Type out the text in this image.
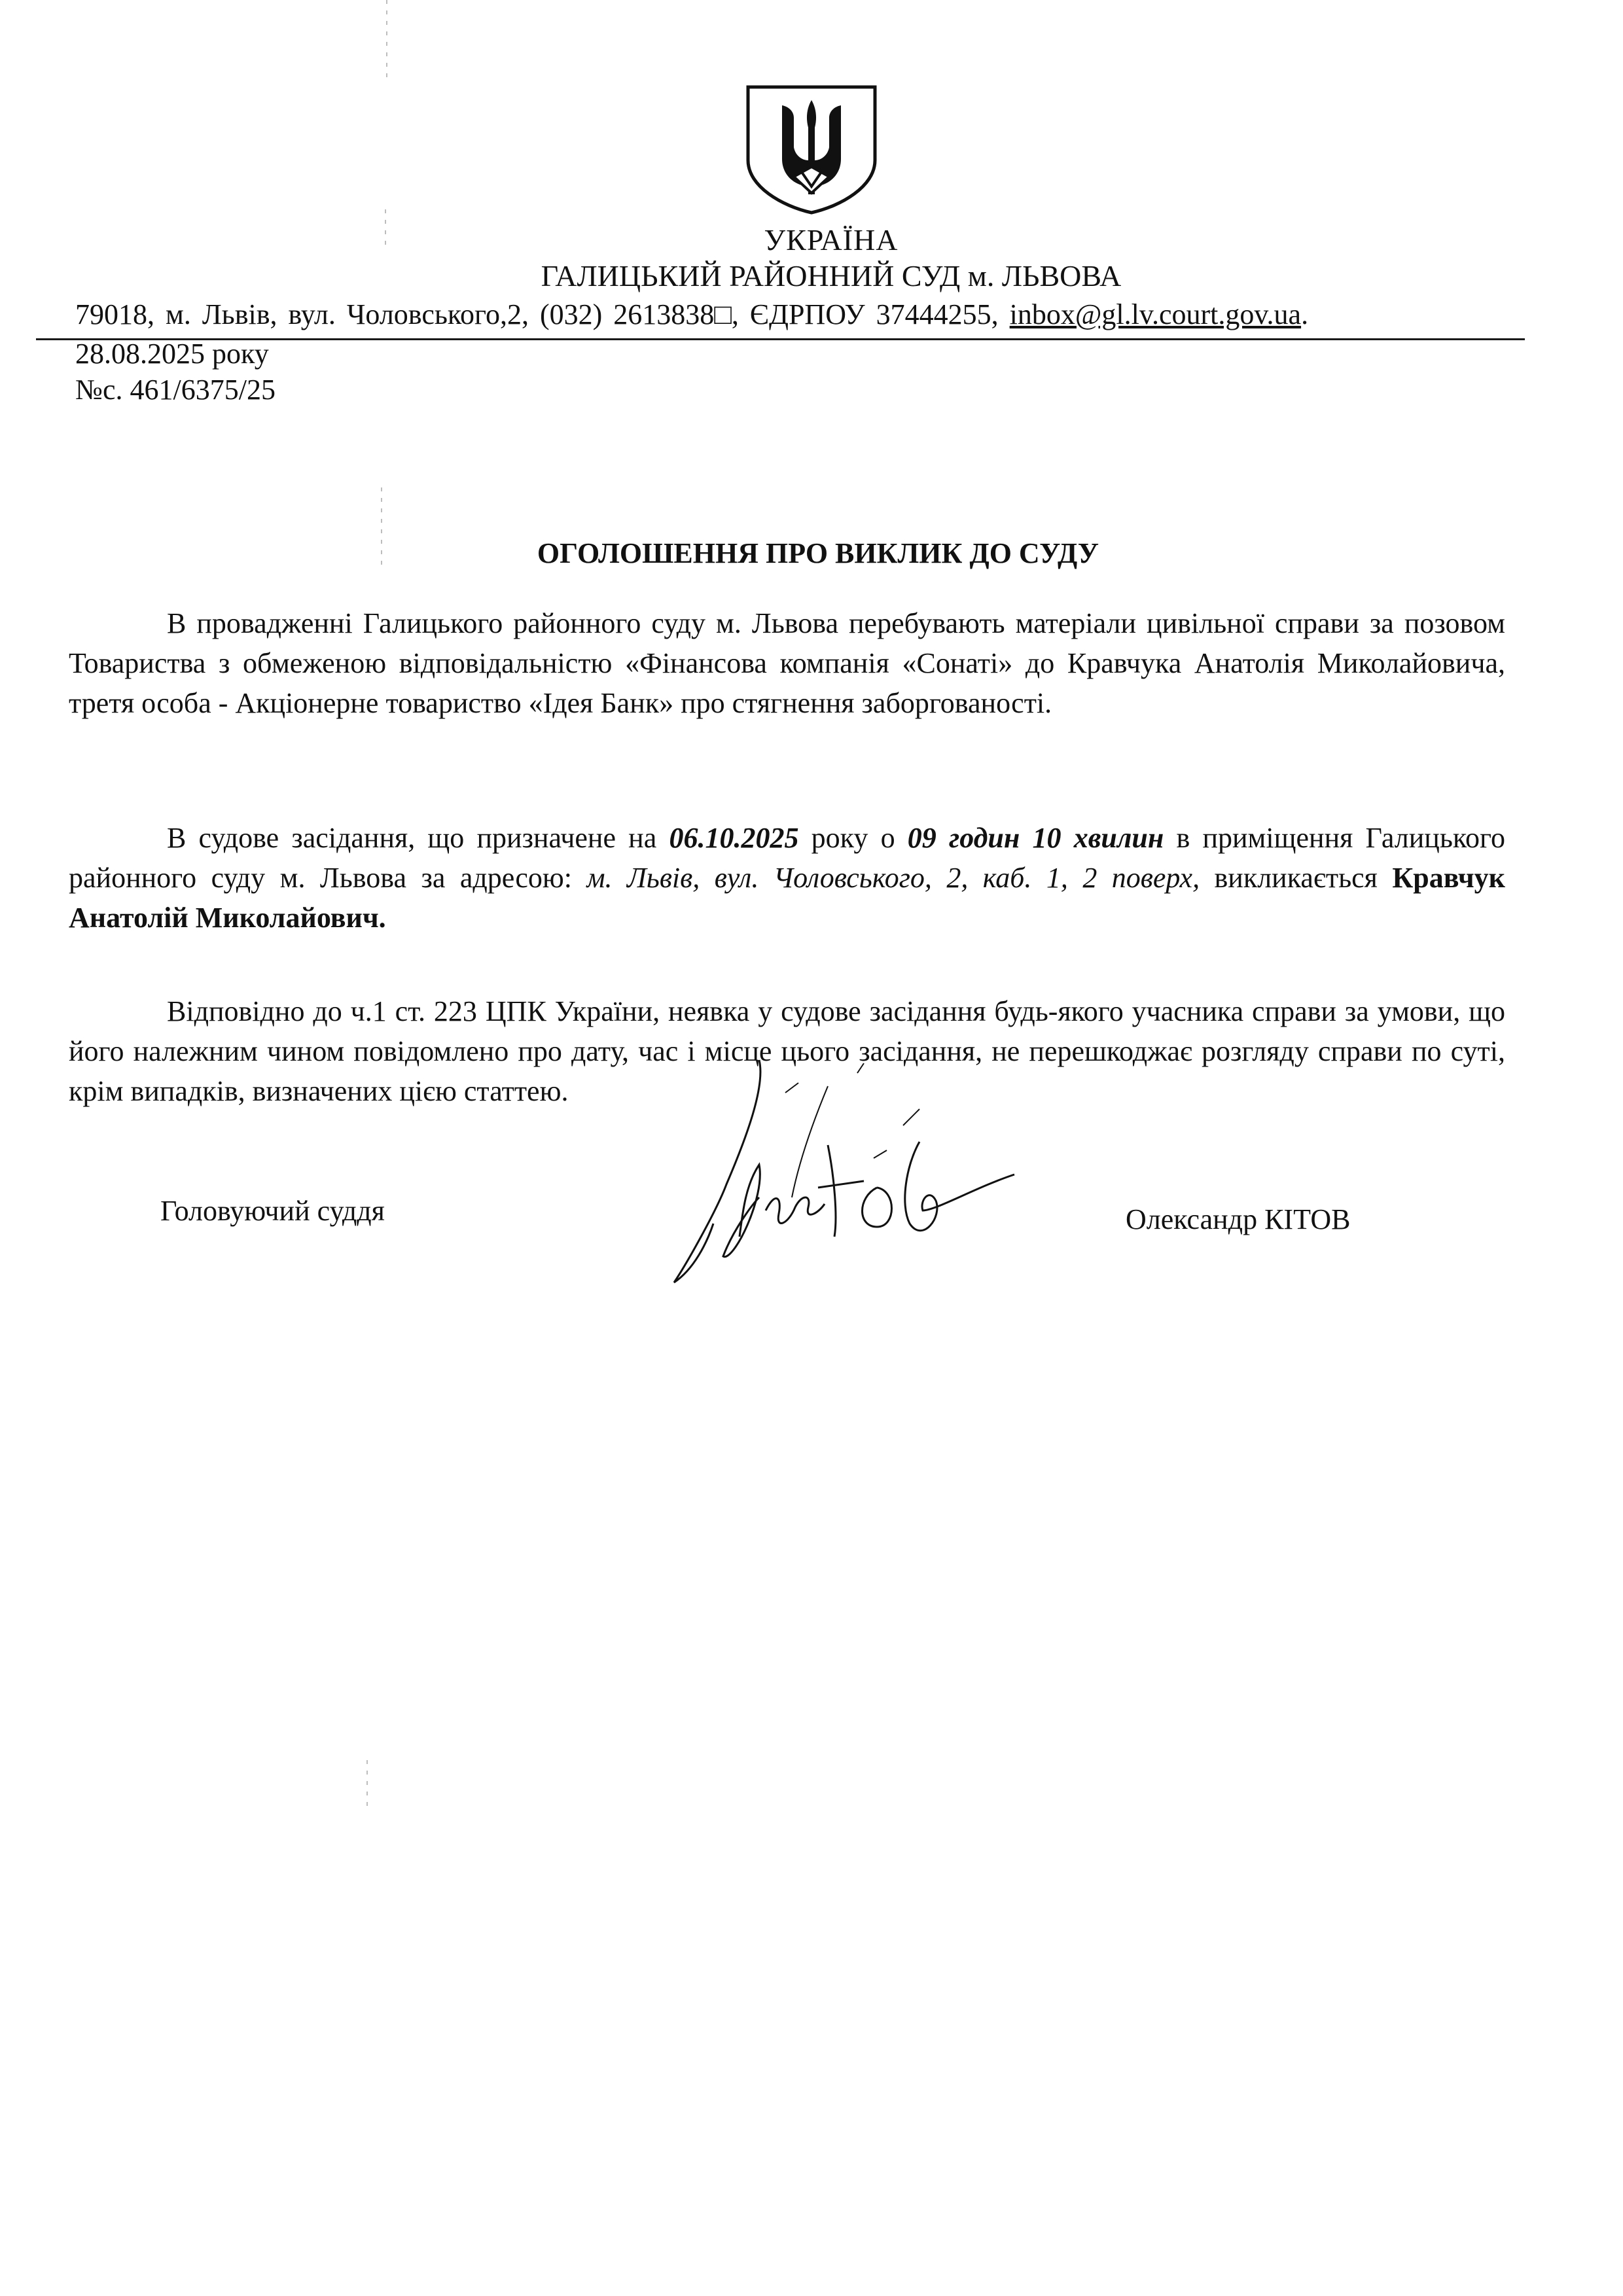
УКРАЇНА
ГАЛИЦЬКИЙ РАЙОННИЙ СУД м. ЛЬВОВА
79018, м. Львів, вул. Чоловського,2, (032) 2613838□, ЄДРПОУ 37444255, inbox@gl.lv.court.gov.ua.
28.08.2025 року
№с. 461/6375/25
ОГОЛОШЕННЯ ПРО ВИКЛИК ДО СУДУ
В провадженні Галицького районного суду м. Львова перебувають матеріали цивільної справи за позовом Товариства з обмеженою відповідальністю «Фінансова компанія «Сонаті» до Кравчука Анатолія Миколайовича, третя особа - Акціонерне товариство «Ідея Банк» про стягнення заборгованості.
В судове засідання, що призначене на 06.10.2025 року о 09 годин 10 хвилин в приміщення Галицького районного суду м. Львова за адресою: м. Львів, вул. Чоловського, 2, каб. 1, 2 поверх, викликається Кравчук Анатолій Миколайович.
Відповідно до ч.1 ст. 223 ЦПК України, неявка у судове засідання будь-якого учасника справи за умови, що його належним чином повідомлено про дату, час і місце цього засідання, не перешкоджає розгляду справи по суті, крім випадків, визначених цією статтею.
Головуючий суддя	Олександр КІТОВ
